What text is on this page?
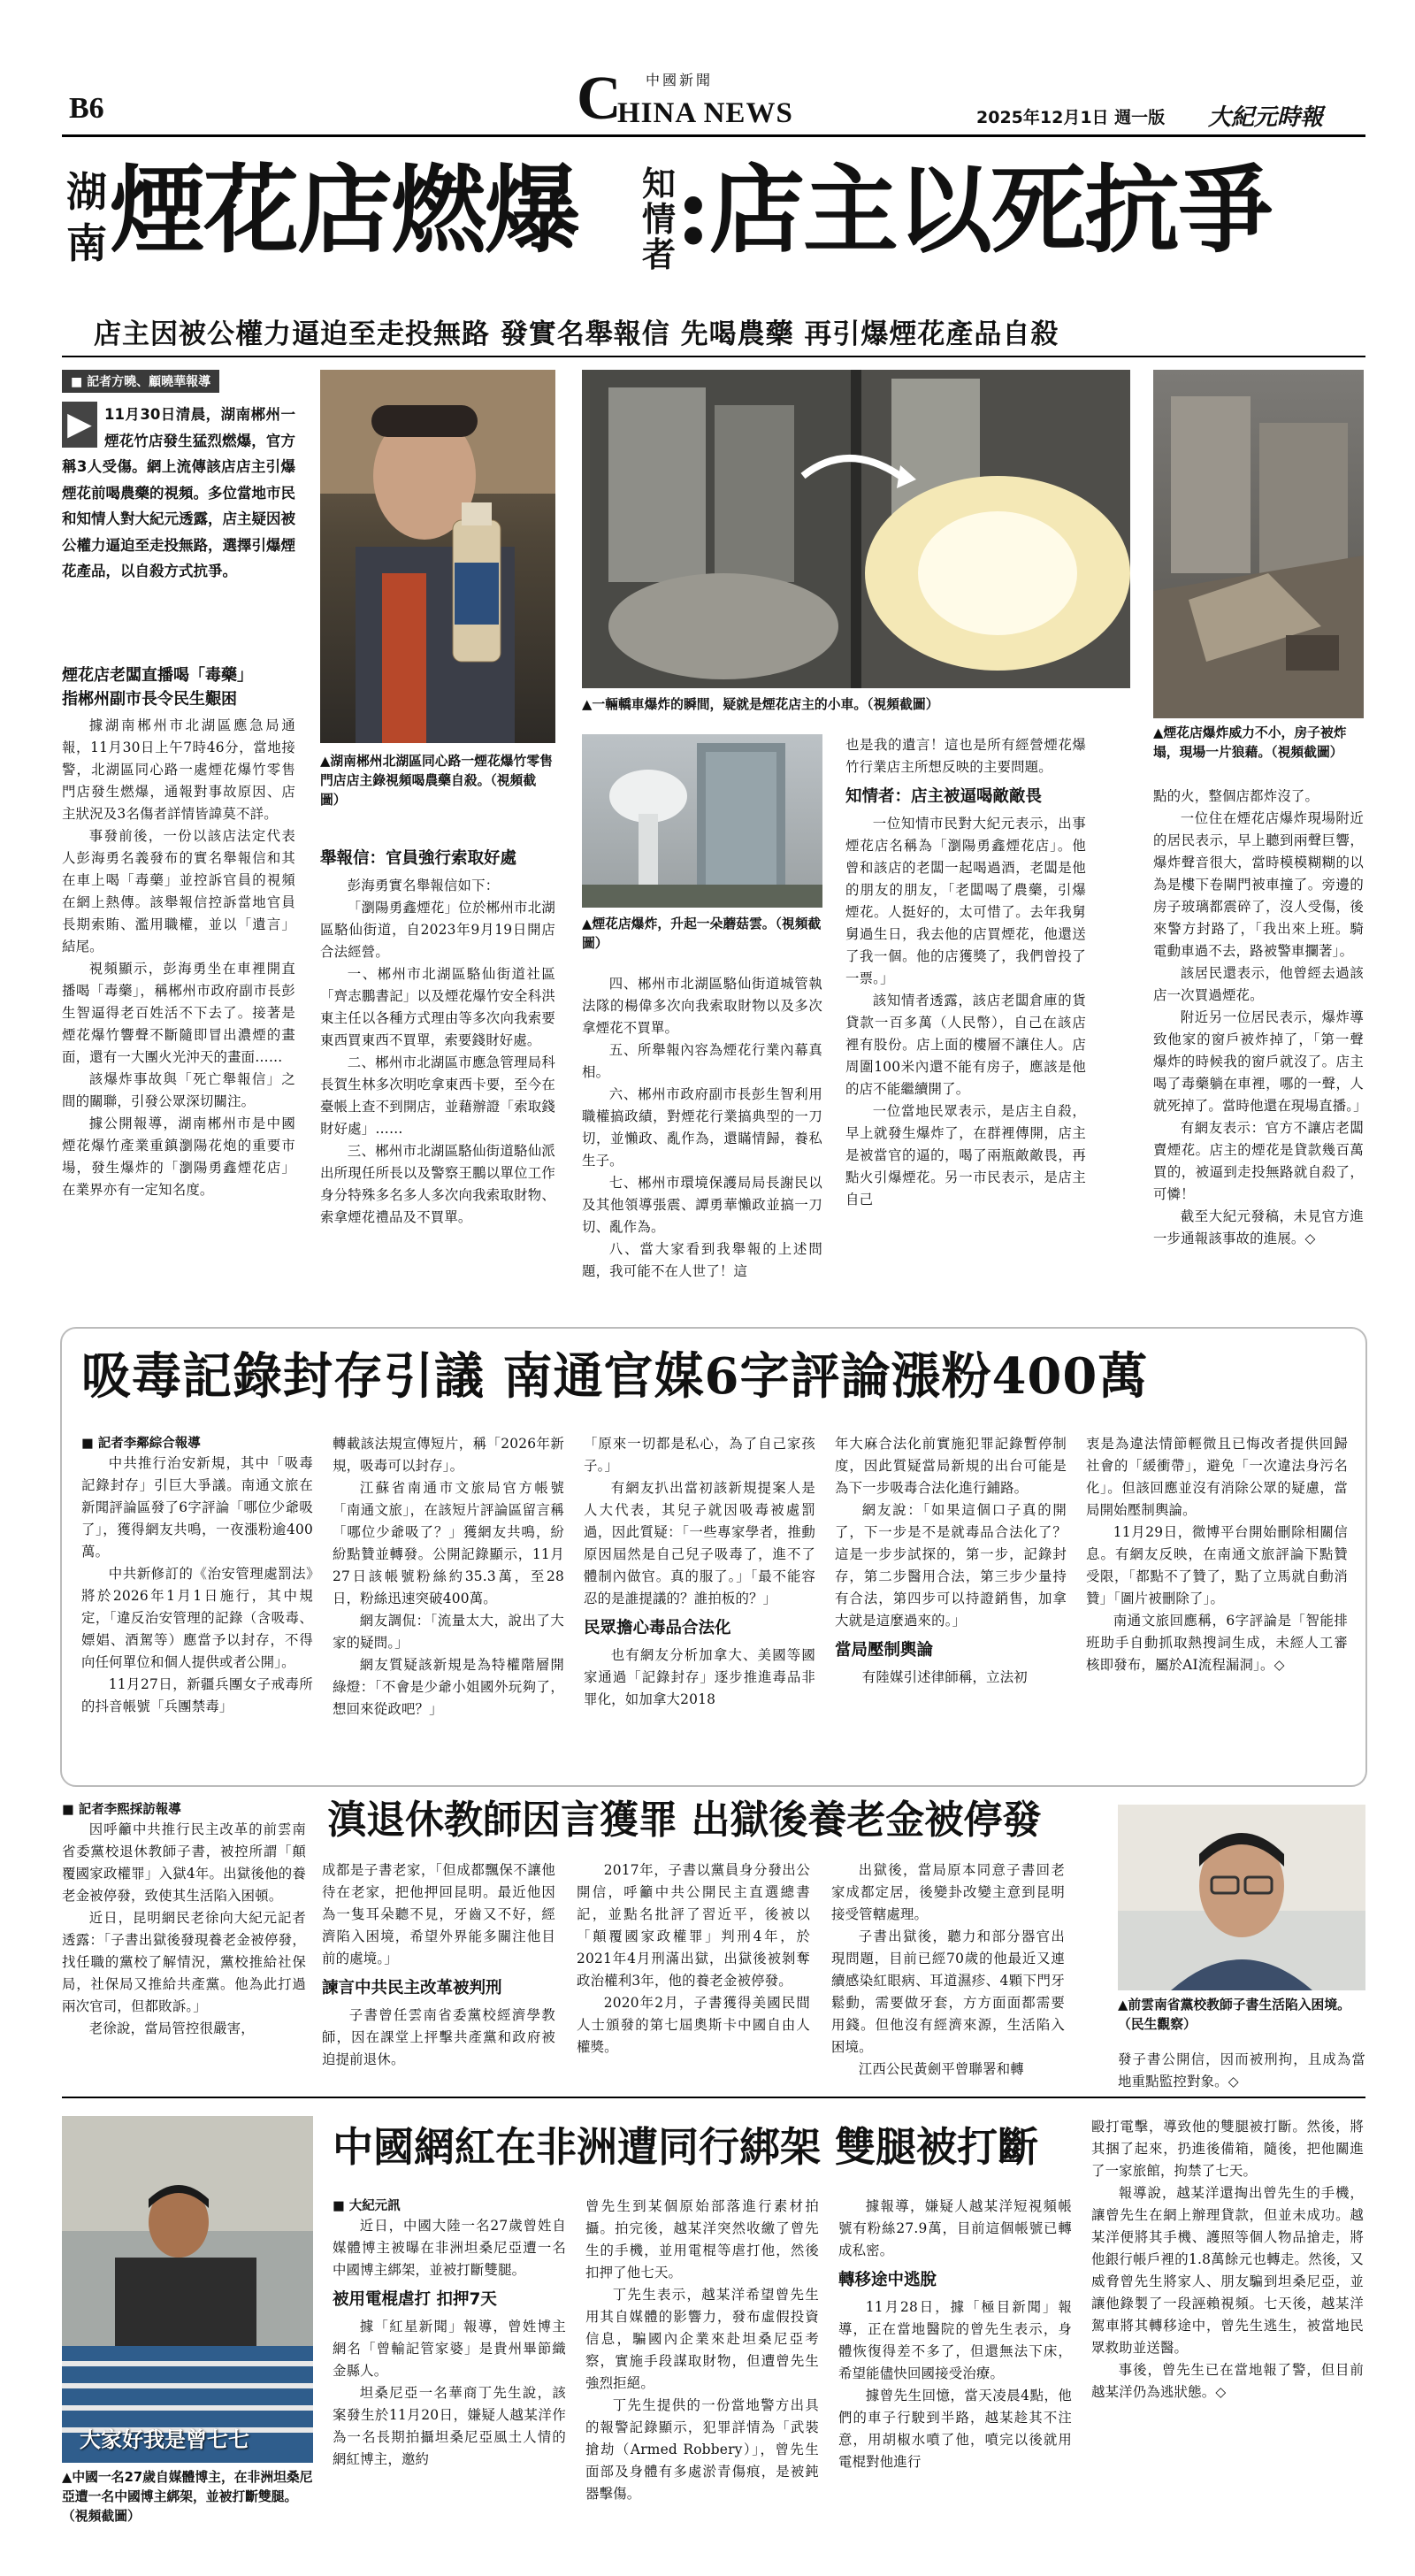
B6	C 中國新聞
HINA NEWS	2025年12月1日 週一版 大紀元時報
湖
南 煙花店燃爆 知
情
者 :店主以死抗爭
店主因被公權力逼迫至走投無路 發實名舉報信 先喝農藥 再引爆煙花產品自殺
■ 記者方曉、顧曉華報導
▶ 11月30日清晨，湖南郴州一煙花竹店發生猛烈燃爆，官方稱3人受傷。網上流傳該店店主引爆煙花前喝農藥的視頻。多位當地市民和知情人對大紀元透露，店主疑因被公權力逼迫至走投無路，選擇引爆煙花產品，以自殺方式抗爭。
煙花店老闆直播喝「毒藥」
指郴州副市長令民生艱困

據湖南郴州市北湖區應急局通報，11月30日上午7時46分，當地接警，北湖區同心路一處煙花爆竹零售門店發生燃爆，通報對事故原因、店主狀況及3名傷者詳情皆諱莫不詳。

事發前後，一份以該店法定代表人彭海勇名義發布的實名舉報信和其在車上喝「毒藥」並控訴官員的視頻在網上熱傳。該舉報信控訴當地官員長期索賄、濫用職權，並以「遺言」結尾。

視頻顯示，彭海勇坐在車裡開直播喝「毒藥」，稱郴州市政府副市長彭生智逼得老百姓活不下去了。接著是煙花爆竹響聲不斷隨即冒出濃煙的畫面，還有一大團火光沖天的畫面……

該爆炸事故與「死亡舉報信」之間的關聯，引發公眾深切關注。

據公開報導，湖南郴州市是中國煙花爆竹產業重鎮瀏陽花炮的重要市場，發生爆炸的「瀏陽勇鑫煙花店」在業界亦有一定知名度。

▲湖南郴州北湖區同心路一煙花爆竹零售門店店主錄視頻喝農藥自殺。（視頻截圖）
舉報信：官員強行索取好處

彭海勇實名舉報信如下：

「瀏陽勇鑫煙花」位於郴州市北湖區駱仙街道，自2023年9月19日開店合法經營。

一、郴州市北湖區駱仙街道社區「齊志鵬書記」以及煙花爆竹安全科洪東主任以各種方式理由等多次向我索要東西買東西不買單，索要錢財好處。

二、郴州市北湖區市應急管理局科長賀生林多次明吃拿東西卡要，至今在臺帳上查不到開店，並藉辦證「索取錢財好處」……

三、郴州市北湖區駱仙街道駱仙派出所現任所長以及警察王鵬以單位工作身分特殊多名多人多次向我索取財物、索拿煙花禮品及不買單。

▲一輛轎車爆炸的瞬間，疑就是煙花店主的小車。（視頻截圖）
▲煙花店爆炸，升起一朵蘑菇雲。（視頻截圖）

四、郴州市北湖區駱仙街道城管執法隊的楊偉多次向我索取財物以及多次拿煙花不買單。

五、所舉報內容為煙花行業內幕真相。

六、郴州市政府副市長彭生智利用職權搞政績，對煙花行業搞典型的一刀切，並懶政、亂作為，還瞞情歸，養私生子。

七、郴州市環境保護局局長謝民以及其他領導張震、譚勇華懶政並搞一刀切、亂作為。

八、當大家看到我舉報的上述問題，我可能不在人世了！這

也是我的遺言！這也是所有經營煙花爆竹行業店主所想反映的主要問題。

知情者：店主被逼喝敵敵畏

一位知情市民對大紀元表示，出事煙花店名稱為「瀏陽勇鑫煙花店」。他曾和該店的老闆一起喝過酒，老闆是他的朋友的朋友，「老闆喝了農藥，引爆煙花。人挺好的，太可惜了。去年我舅舅過生日，我去他的店買煙花，他還送了我一個。他的店獲獎了，我們曾投了一票。」

該知情者透露，該店老闆倉庫的貨貸款一百多萬（人民幣），自己在該店裡有股份。店上面的樓層不讓住人。店周圍100米內還不能有房子，應該是他的店不能繼續開了。

一位當地民眾表示，是店主自殺，早上就發生爆炸了，在群裡傳開，店主是被當官的逼的，喝了兩瓶敵敵畏，再點火引爆煙花。另一市民表示，是店主自己

▲煙花店爆炸威力不小，房子被炸塌，現場一片狼藉。（視頻截圖）

點的火，整個店都炸沒了。

一位住在煙花店爆炸現場附近的居民表示，早上聽到兩聲巨響，爆炸聲音很大，當時模模糊糊的以為是樓下卷閘門被車撞了。旁邊的房子玻璃都震碎了，沒人受傷，後來警方封路了，「我出來上班。騎電動車過不去，路被警車攔著」。

該居民還表示，他曾經去過該店一次買過煙花。

附近另一位居民表示，爆炸導致他家的窗戶被炸掉了，「第一聲爆炸的時候我的窗戶就沒了。店主喝了毒藥躺在車裡，哪的一聲，人就死掉了。當時他還在現場直播。」

有網友表示：官方不讓店老闆賣煙花。店主的煙花是貸款幾百萬買的，被逼到走投無路就自殺了，可憐！

截至大紀元發稿，未見官方進一步通報該事故的進展。◇

吸毒記錄封存引議 南通官媒6字評論漲粉400萬
■ 記者李鄰綜合報導

中共推行治安新規，其中「吸毒記錄封存」引巨大爭議。南通文旅在新聞評論區發了6字評論「哪位少爺吸了」，獲得網友共鳴，一夜漲粉逾400萬。

中共新修訂的《治安管理處罰法》將於2026年1月1日施行，其中規定，「違反治安管理的記錄（含吸毒、嫖娼、酒駕等）應當予以封存，不得向任何單位和個人提供或者公開」。

11月27日，新疆兵團女子戒毒所的抖音帳號「兵團禁毒」

轉載該法規宣傳短片，稱「2026年新規，吸毒可以封存」。

江蘇省南通市文旅局官方帳號「南通文旅」，在該短片評論區留言稱「哪位少爺吸了？」獲網友共鳴，紛紛點贊並轉發。公開記錄顯示，11月27日該帳號粉絲約35.3萬，至28日，粉絲迅速突破400萬。

網友調侃：「流量太大，說出了大家的疑問。」

網友質疑該新規是為特權階層開綠燈：「不會是少爺小姐國外玩夠了，想回來從政吧？」

「原來一切都是私心，為了自己家孩子。」

有網友扒出當初該新規提案人是人大代表，其兒子就因吸毒被處罰過，因此質疑：「一些專家學者，推動原因屆然是自己兒子吸毒了，進不了體制內做官。真的服了。」「最不能容忍的是誰提議的？誰拍板的？」

民眾擔心毒品合法化

也有網友分析加拿大、美國等國家通過「記錄封存」逐步推進毒品非罪化，如加拿大2018

年大麻合法化前實施犯罪記錄暫停制度，因此質疑當局新規的出台可能是為下一步吸毒合法化進行鋪路。

網友說：「如果這個口子真的開了，下一步是不是就毒品合法化了？這是一步步試探的，第一步，記錄封存，第二步醫用合法，第三步少量持有合法，第四步可以持證銷售，加拿大就是這麼過來的。」

當局壓制輿論

有陸媒引述律師稱，立法初

衷是為違法情節輕微且已悔改者提供回歸社會的「緩衝帶」，避免「一次違法身污名化」。但該回應並沒有消除公眾的疑慮，當局開始壓制輿論。

11月29日，微博平台開始刪除相關信息。有網友反映，在南通文旅評論下點贊受限，「都點不了贊了，點了立馬就自動消贊」「圖片被刪除了」。

南通文旅回應稱，6字評論是「智能排班助手自動抓取熱搜詞生成，未經人工審核即發布，屬於AI流程漏洞」。◇

■ 記者李熙採訪報導	滇退休教師因言獲罪 出獄後養老金被停發

因呼籲中共推行民主改革的前雲南省委黨校退休教師子書，被控所謂「顛覆國家政權罪」入獄4年。出獄後他的養老金被停發，致使其生活陷入困頓。

近日，昆明網民老徐向大紀元記者透露：「子書出獄後發現養老金被停發，找任職的黨校了解情況，黨校推給社保局，社保局又推給共產黨。他為此打過兩次官司，但都敗訴。」

老徐說，當局管控很嚴害，

成都是子書老家，「但成都飄保不讓他待在老家，把他押回昆明。最近他因為一隻耳朵聽不見，牙齒又不好，經濟陷入困境，希望外界能多關注他目前的處境。」

諫言中共民主改革被判刑

子書曾任雲南省委黨校經濟學教師，因在課堂上抨擊共產黨和政府被迫提前退休。

2017年，子書以黨員身分發出公開信，呼籲中共公開民主直選總書記，並點名批評了習近平，後被以「顛覆國家政權罪」判刑4年，於2021年4月刑滿出獄，出獄後被剝奪政治權利3年，他的養老金被停發。

2020年2月，子書獲得美國民間人士頒發的第七屆奧斯卡中國自由人權獎。

出獄後，當局原本同意子書回老家成都定居，後變卦改變主意到昆明接受管轄處理。

子書出獄後，聽力和部分器官出現問題，目前已經70歲的他最近又連續感染紅眼病、耳道濕疹、4顆下門牙鬆動，需要做牙套，方方面面都需要用錢。但他沒有經濟來源，生活陷入困境。

江西公民黃劍平曾聯署和轉

▲前雲南省黨校教師子書生活陷入困境。（民生觀察）

發子書公開信，因而被刑拘，且成為當地重點監控對象。◇

大家好我是曾七七
▲中國一名27歲自媒體博主，在非洲坦桑尼亞遭一名中國博主綁架，並被打斷雙腿。（視頻截圖）
中國網紅在非洲遭同行綁架 雙腿被打斷
■ 大紀元訊

近日，中國大陸一名27歲曾姓自媒體博主被曝在非洲坦桑尼亞遭一名中國博主綁架，並被打斷雙腿。

被用電棍虐打 扣押7天

據「紅星新聞」報導，曾姓博主網名「曾輸記管家婆」是貴州畢節織金縣人。

坦桑尼亞一名華商丁先生說，該案發生於11月20日，嫌疑人越某洋作為一名長期拍攝坦桑尼亞風土人情的網紅博主，邀約

曾先生到某個原始部落進行素材拍攝。拍完後，越某洋突然收繳了曾先生的手機，並用電棍等虐打他，然後扣押了他七天。

丁先生表示，越某洋希望曾先生用其自媒體的影響力，發布虛假投資信息，騙國內企業來赴坦桑尼亞考察，實施手段謀取財物，但遭曾先生強烈拒絕。

丁先生提供的一份當地警方出具的報警記錄顯示，犯罪詳情為「武裝搶劫（Armed Robbery）」，曾先生面部及身體有多處淤青傷痕，是被鈍器擊傷。

據報導，嫌疑人越某洋短視頻帳號有粉絲27.9萬，目前這個帳號已轉成私密。

轉移途中逃脫

11月28日，據「極目新聞」報導，正在當地醫院的曾先生表示，身體恢復得差不多了，但還無法下床，希望能儘快回國接受治療。

據曾先生回憶，當天凌晨4點，他們的車子行駛到半路，越某趁其不注意，用胡椒水噴了他，噴完以後就用電棍對他進行

毆打電擊，導致他的雙腿被打斷。然後，將其捆了起來，扔進後備箱，隨後，把他關進了一家旅館，拘禁了七天。

報導說，越某洋還掏出曾先生的手機，讓曾先生在網上辦理貸款，但並未成功。越某洋便將其手機、護照等個人物品搶走，將他銀行帳戶裡的1.8萬餘元也轉走。然後，又威脅曾先生將家人、朋友騙到坦桑尼亞，並讓他錄製了一段誣賴視頻。七天後，越某洋駕車將其轉移途中，曾先生逃生，被當地民眾救助並送醫。

事後，曾先生已在當地報了警，但目前越某洋仍為逃狀態。◇
